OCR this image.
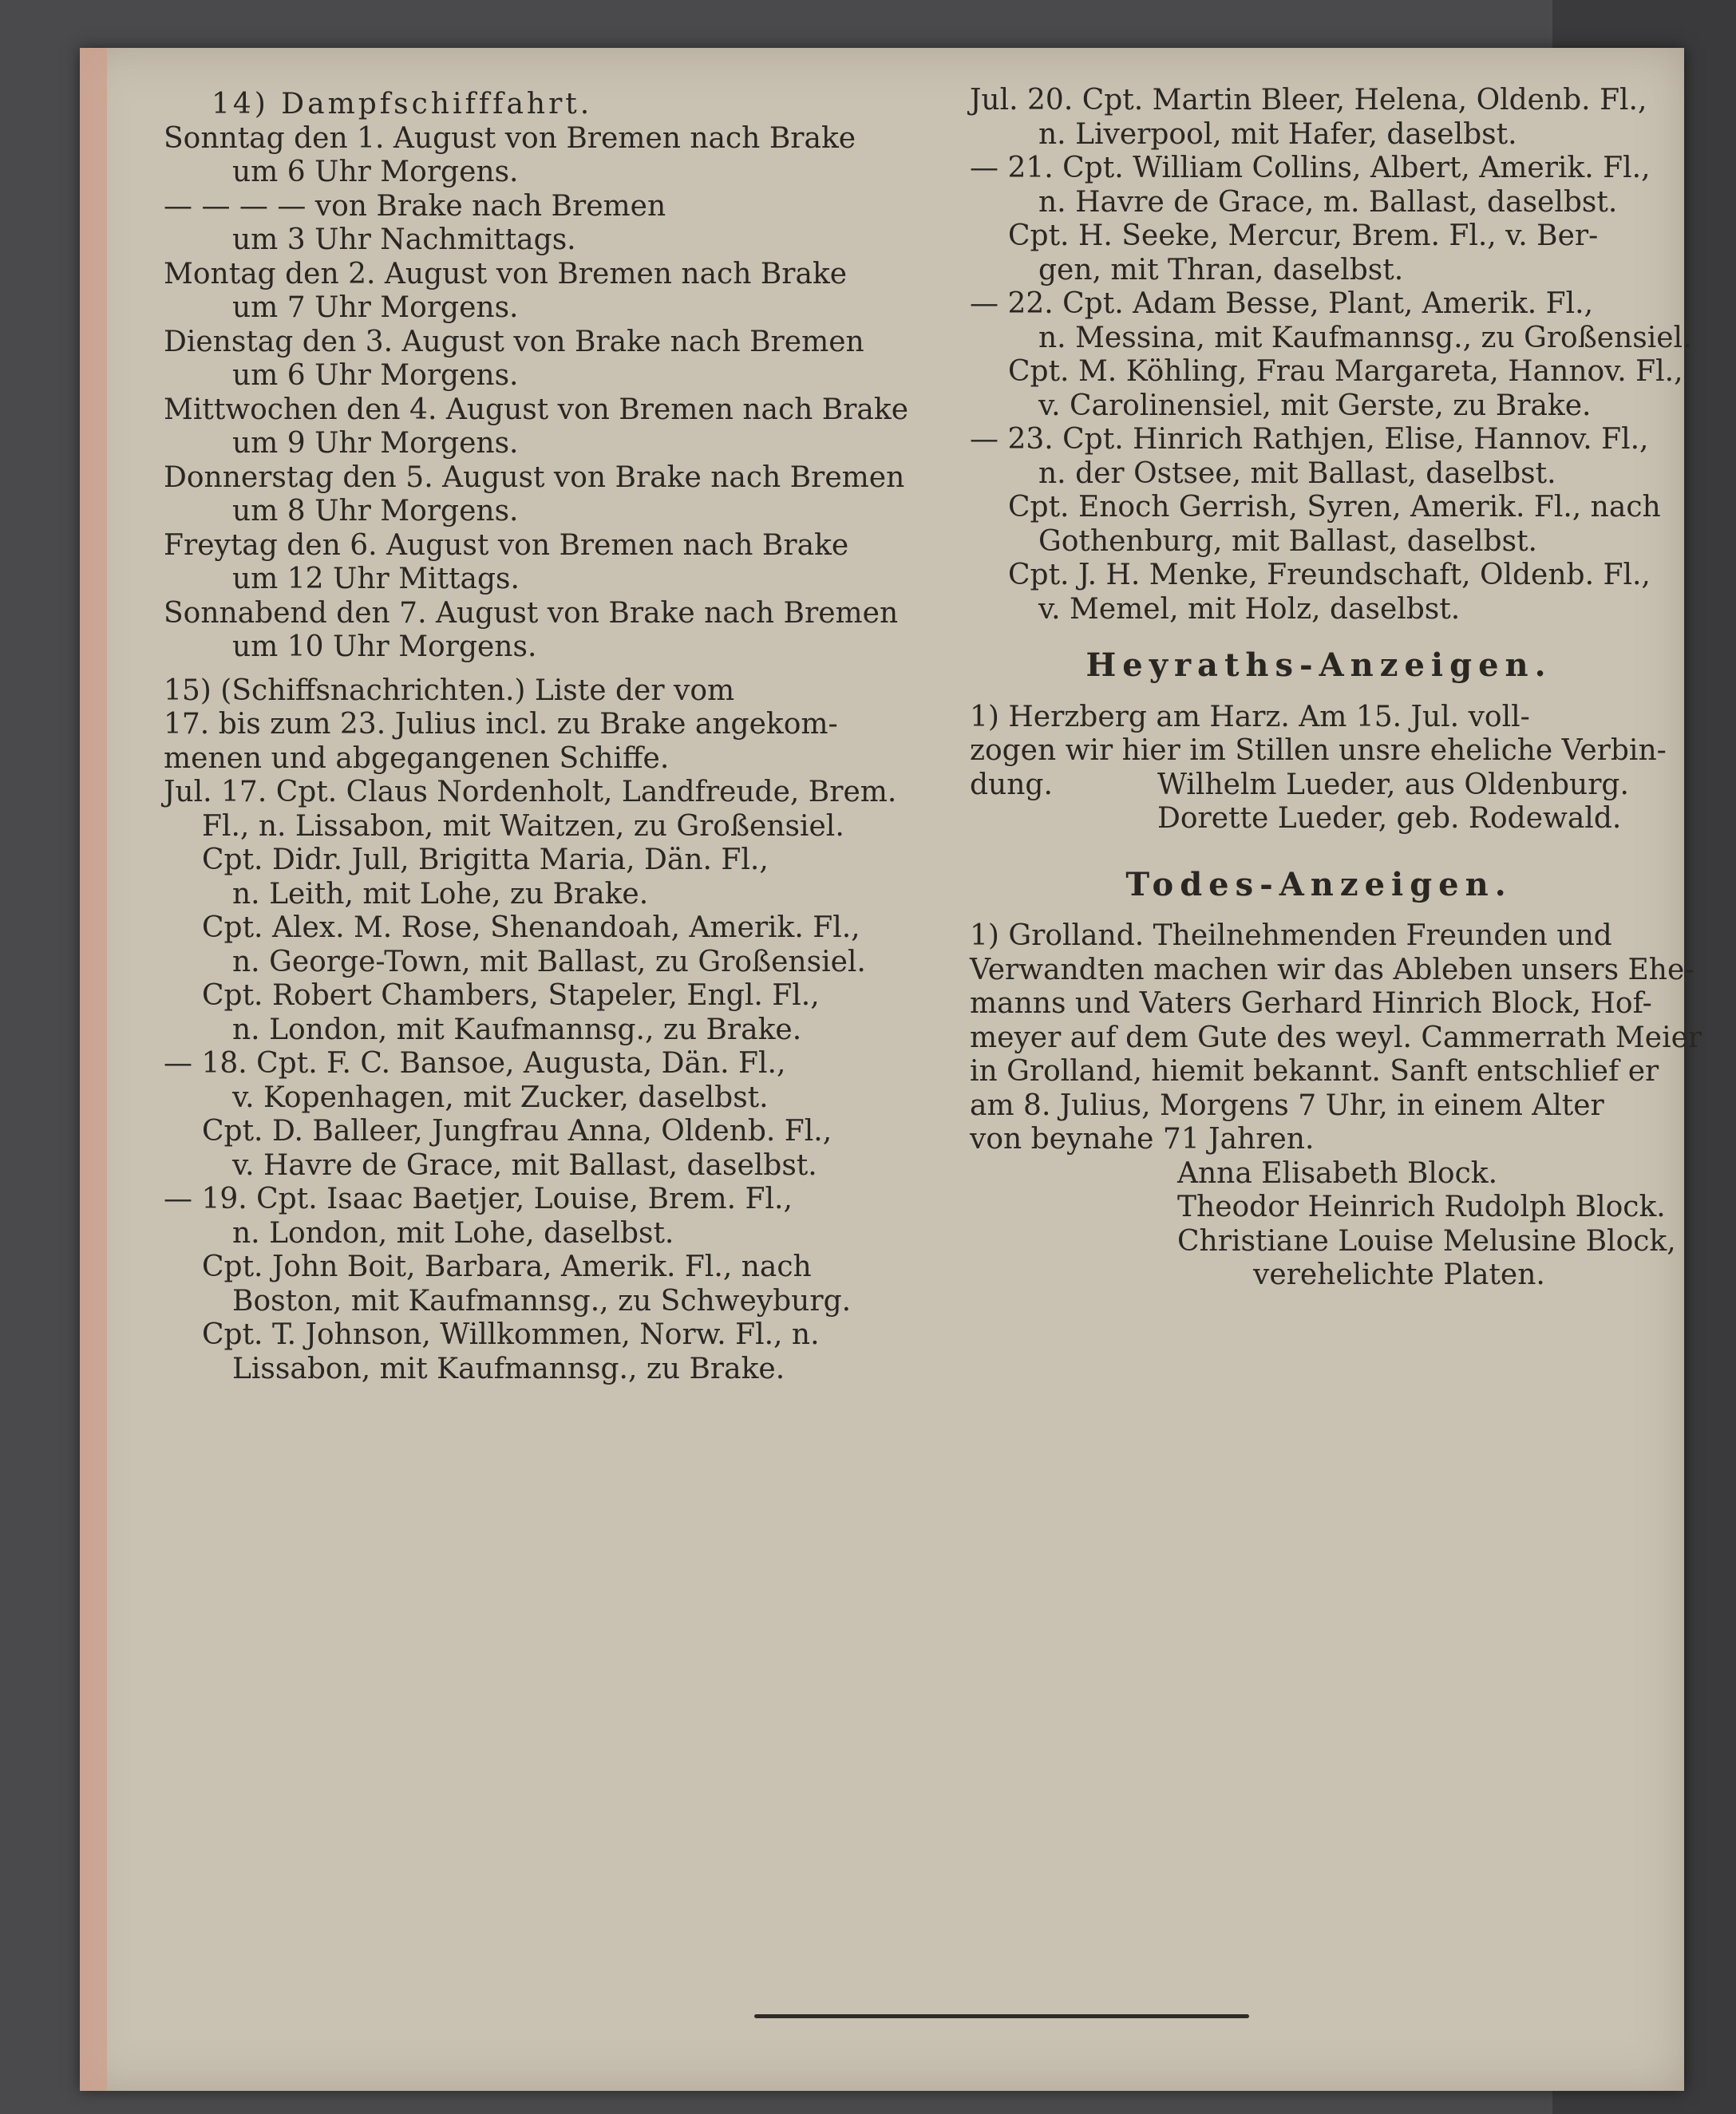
14) Dampfschifffahrt.
Sonntag den 1. August von Bremen nach Brake
um 6 Uhr Morgens.
— — — — von Brake nach Bremen
um 3 Uhr Nachmittags.
Montag den 2. August von Bremen nach Brake
um 7 Uhr Morgens.
Dienstag den 3. August von Brake nach Bremen
um 6 Uhr Morgens.
Mittwochen den 4. August von Bremen nach Brake
um 9 Uhr Morgens.
Donnerstag den 5. August von Brake nach Bremen
um 8 Uhr Morgens.
Freytag den 6. August von Bremen nach Brake
um 12 Uhr Mittags.
Sonnabend den 7. August von Brake nach Bremen
um 10 Uhr Morgens.
15) (Schiffsnachrichten.) Liste der vom
17. bis zum 23. Julius incl. zu Brake angekom-
menen und abgegangenen Schiffe.
Jul. 17. Cpt. Claus Nordenholt, Landfreude, Brem.
Fl., n. Lissabon, mit Waitzen, zu Großensiel.
Cpt. Didr. Jull, Brigitta Maria, Dän. Fl.,
n. Leith, mit Lohe, zu Brake.
Cpt. Alex. M. Rose, Shenandoah, Amerik. Fl.,
n. George-Town, mit Ballast, zu Großensiel.
Cpt. Robert Chambers, Stapeler, Engl. Fl.,
n. London, mit Kaufmannsg., zu Brake.
— 18. Cpt. F. C. Bansoe, Augusta, Dän. Fl.,
v. Kopenhagen, mit Zucker, daselbst.
Cpt. D. Balleer, Jungfrau Anna, Oldenb. Fl.,
v. Havre de Grace, mit Ballast, daselbst.
— 19. Cpt. Isaac Baetjer, Louise, Brem. Fl.,
n. London, mit Lohe, daselbst.
Cpt. John Boit, Barbara, Amerik. Fl., nach
Boston, mit Kaufmannsg., zu Schweyburg.
Cpt. T. Johnson, Willkommen, Norw. Fl., n.
Lissabon, mit Kaufmannsg., zu Brake.
Jul. 20. Cpt. Martin Bleer, Helena, Oldenb. Fl.,
n. Liverpool, mit Hafer, daselbst.
— 21. Cpt. William Collins, Albert, Amerik. Fl.,
n. Havre de Grace, m. Ballast, daselbst.
Cpt. H. Seeke, Mercur, Brem. Fl., v. Ber-
gen, mit Thran, daselbst.
— 22. Cpt. Adam Besse, Plant, Amerik. Fl.,
n. Messina, mit Kaufmannsg., zu Großensiel.
Cpt. M. Köhling, Frau Margareta, Hannov. Fl.,
v. Carolinensiel, mit Gerste, zu Brake.
— 23. Cpt. Hinrich Rathjen, Elise, Hannov. Fl.,
n. der Ostsee, mit Ballast, daselbst.
Cpt. Enoch Gerrish, Syren, Amerik. Fl., nach
Gothenburg, mit Ballast, daselbst.
Cpt. J. H. Menke, Freundschaft, Oldenb. Fl.,
v. Memel, mit Holz, daselbst.
Heyraths-Anzeigen.
1) Herzberg am Harz. Am 15. Jul. voll-
zogen wir hier im Stillen unsre eheliche Verbin-
dung.	Wilhelm Lueder, aus Oldenburg.
Dorette Lueder, geb. Rodewald.
Todes-Anzeigen.
1) Grolland. Theilnehmenden Freunden und
Verwandten machen wir das Ableben unsers Ehe-
manns und Vaters Gerhard Hinrich Block, Hof-
meyer auf dem Gute des weyl. Cammerrath Meier
in Grolland, hiemit bekannt. Sanft entschlief er
am 8. Julius, Morgens 7 Uhr, in einem Alter
von beynahe 71 Jahren.
Anna Elisabeth Block.
Theodor Heinrich Rudolph Block.
Christiane Louise Melusine Block,
verehelichte Platen.
